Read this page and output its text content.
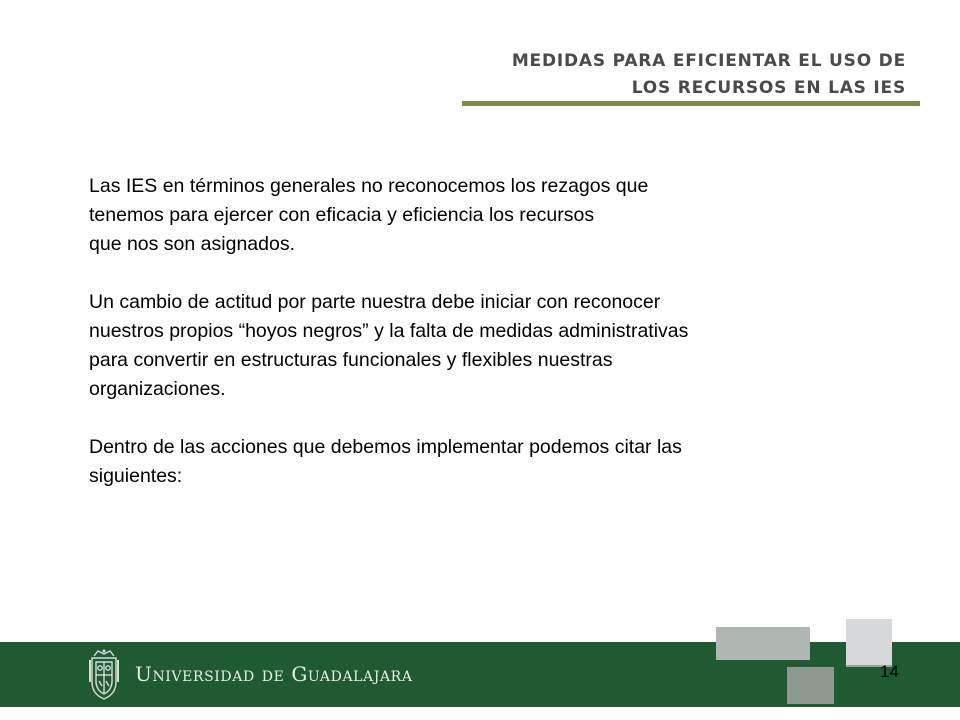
MEDIDAS PARA EFICIENTAR EL USO DE
LOS RECURSOS EN LAS IES

Las IES en términos generales no reconocemos los rezagos que
tenemos para ejercer con eficacia y eficiencia los recursos
que nos son asignados.

Un cambio de actitud por parte nuestra debe iniciar con reconocer
nuestros propios “hoyos negros” y la falta de medidas administrativas
para convertir en estructuras funcionales y flexibles nuestras
organizaciones.

Dentro de las acciones que debemos implementar podemos citar las
siguientes:

Universidad de Guadalajara	14
